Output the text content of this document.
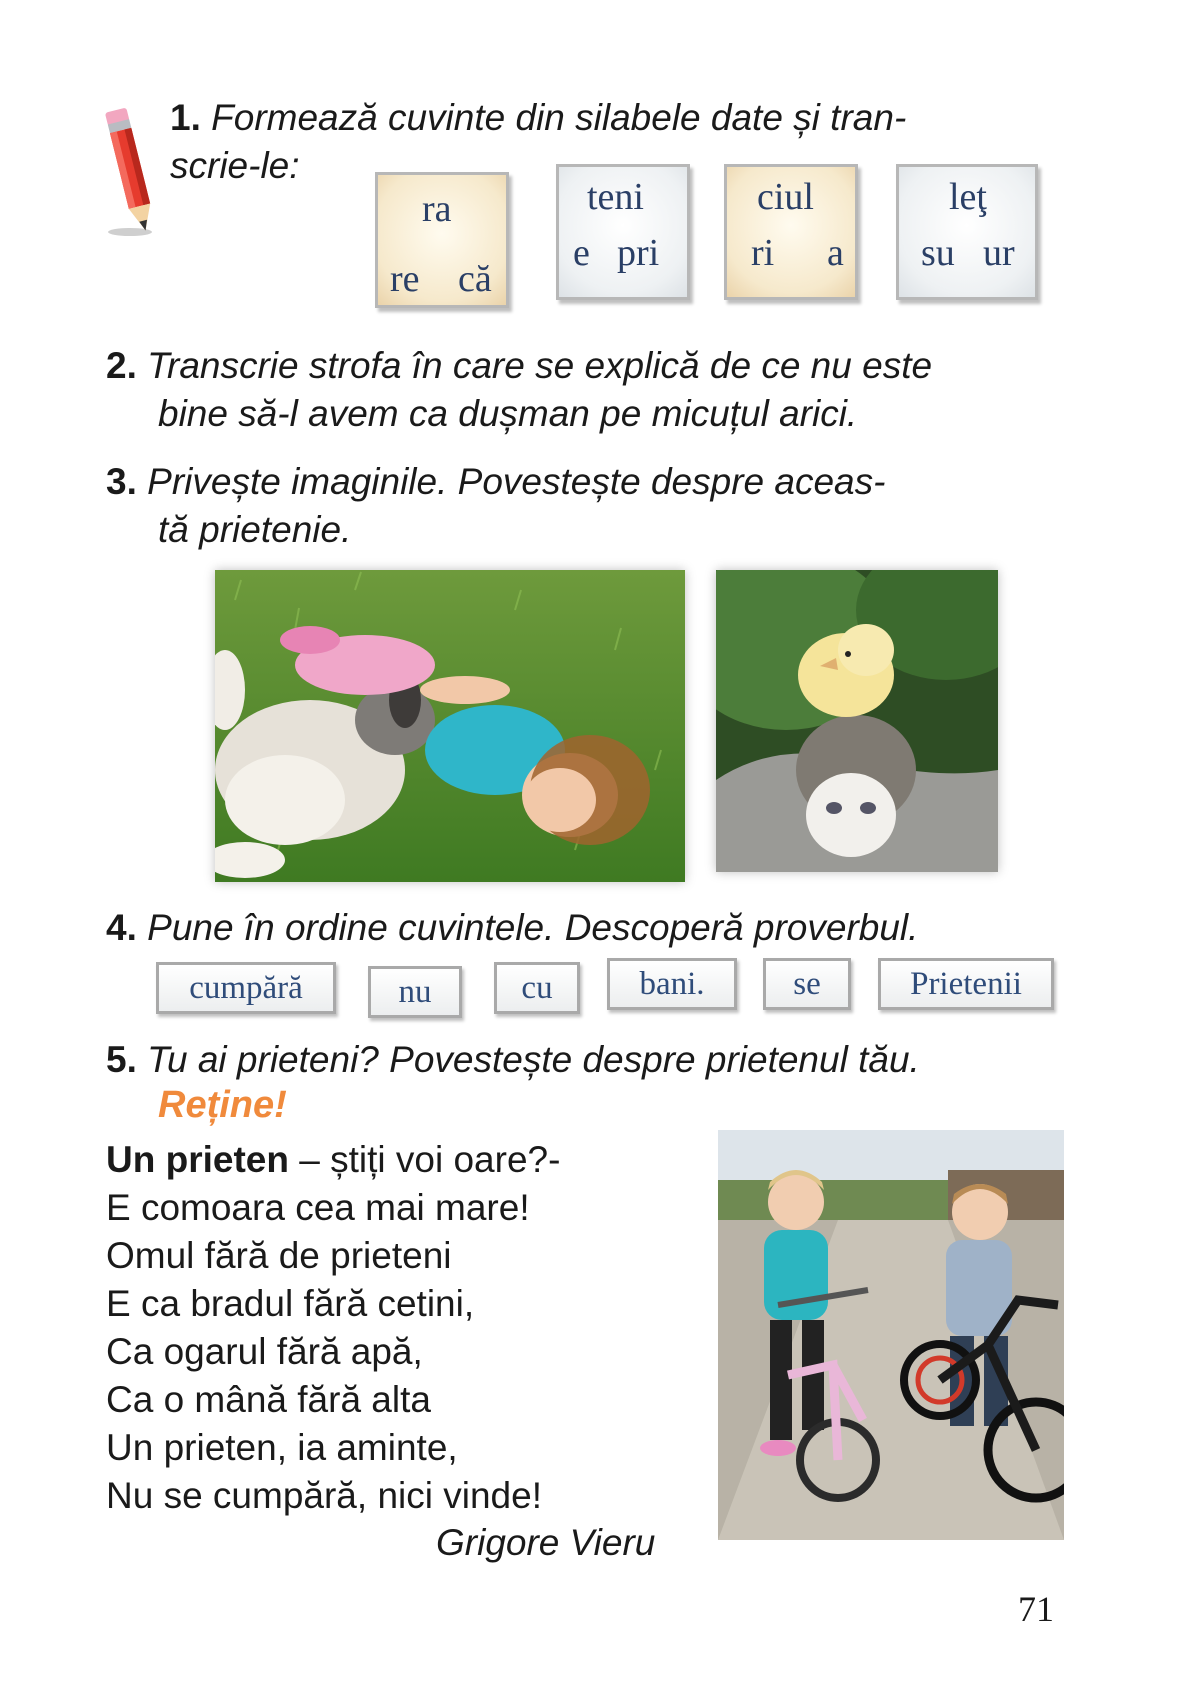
1. Formează cuvinte din silabele date și tran-
scrie-le:
ra
re că
teni
e pri
ciul
ri a
leţ
su ur
2. Transcrie strofa în care se explică de ce nu este
bine să-l avem ca dușman pe micuțul arici.
3. Privește imaginile. Povestește despre aceas-
tă prietenie.
4. Pune în ordine cuvintele. Descoperă proverbul.
cumpără	nu	cu	bani.	se	Prietenii
5. Tu ai prieteni? Povestește despre prietenul tău.
Reține!
Un prieten – știți voi oare?-
E comoara cea mai mare!
Omul fără de prieteni
E ca bradul fără cetini,
Ca ogarul fără apă,
Ca o mână fără alta
Un prieten, ia aminte,
Nu se cumpără, nici vinde!
Grigore Vieru
71
